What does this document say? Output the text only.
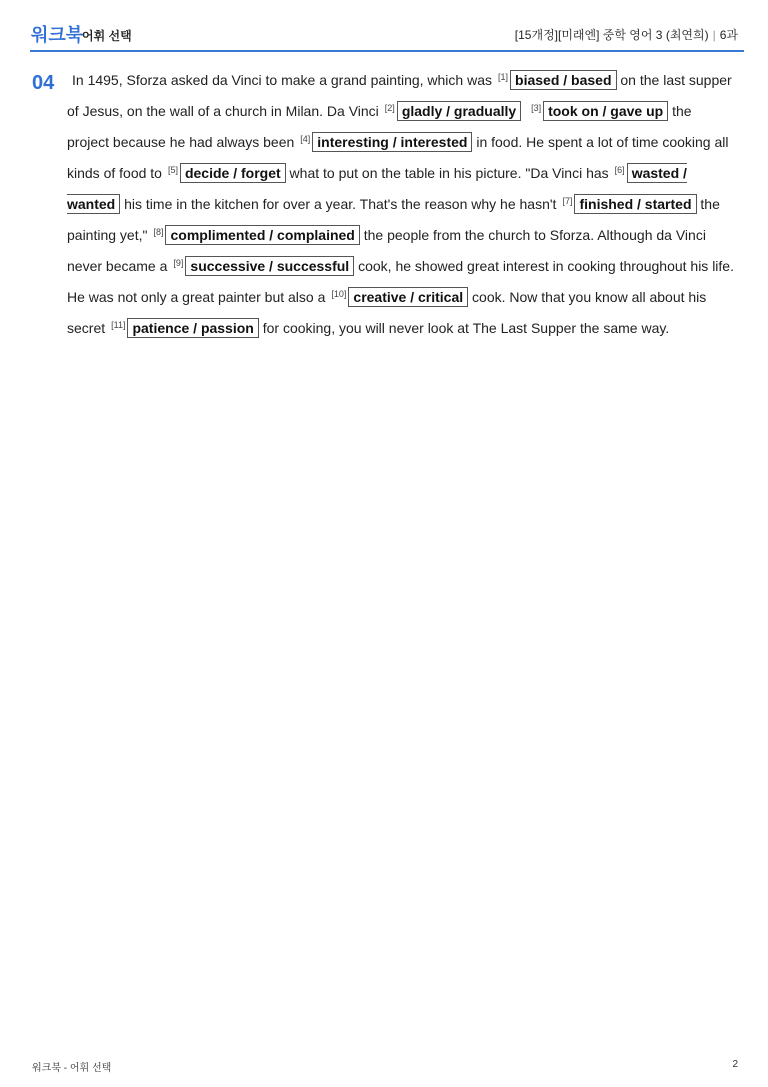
워크북
어휘 선택	[15개정][미래엔] 중학 영어 3 (최연희) | 6과
04	In 1495, Sforza asked da Vinci to make a grand painting, which was [1] biased / based on the last supper of Jesus, on the wall of a church in Milan. Da Vinci [2] gladly / gradually [3] took on / gave up the project because he had always been [4] interesting / interested in food. He spent a lot of time cooking all kinds of food to [5] decide / forget what to put on the table in his picture. "Da Vinci has [6] wasted / wanted his time in the kitchen for over a year. That's the reason why he hasn't [7] finished / started the painting yet," [8] complimented / complained the people from the church to Sforza. Although da Vinci never became a [9] successive / successful cook, he showed great interest in cooking throughout his life. He was not only a great painter but also a [10] creative / critical cook. Now that you know all about his secret [11] patience / passion for cooking, you will never look at The Last Supper the same way.

워크북 - 어휘 선택	2
